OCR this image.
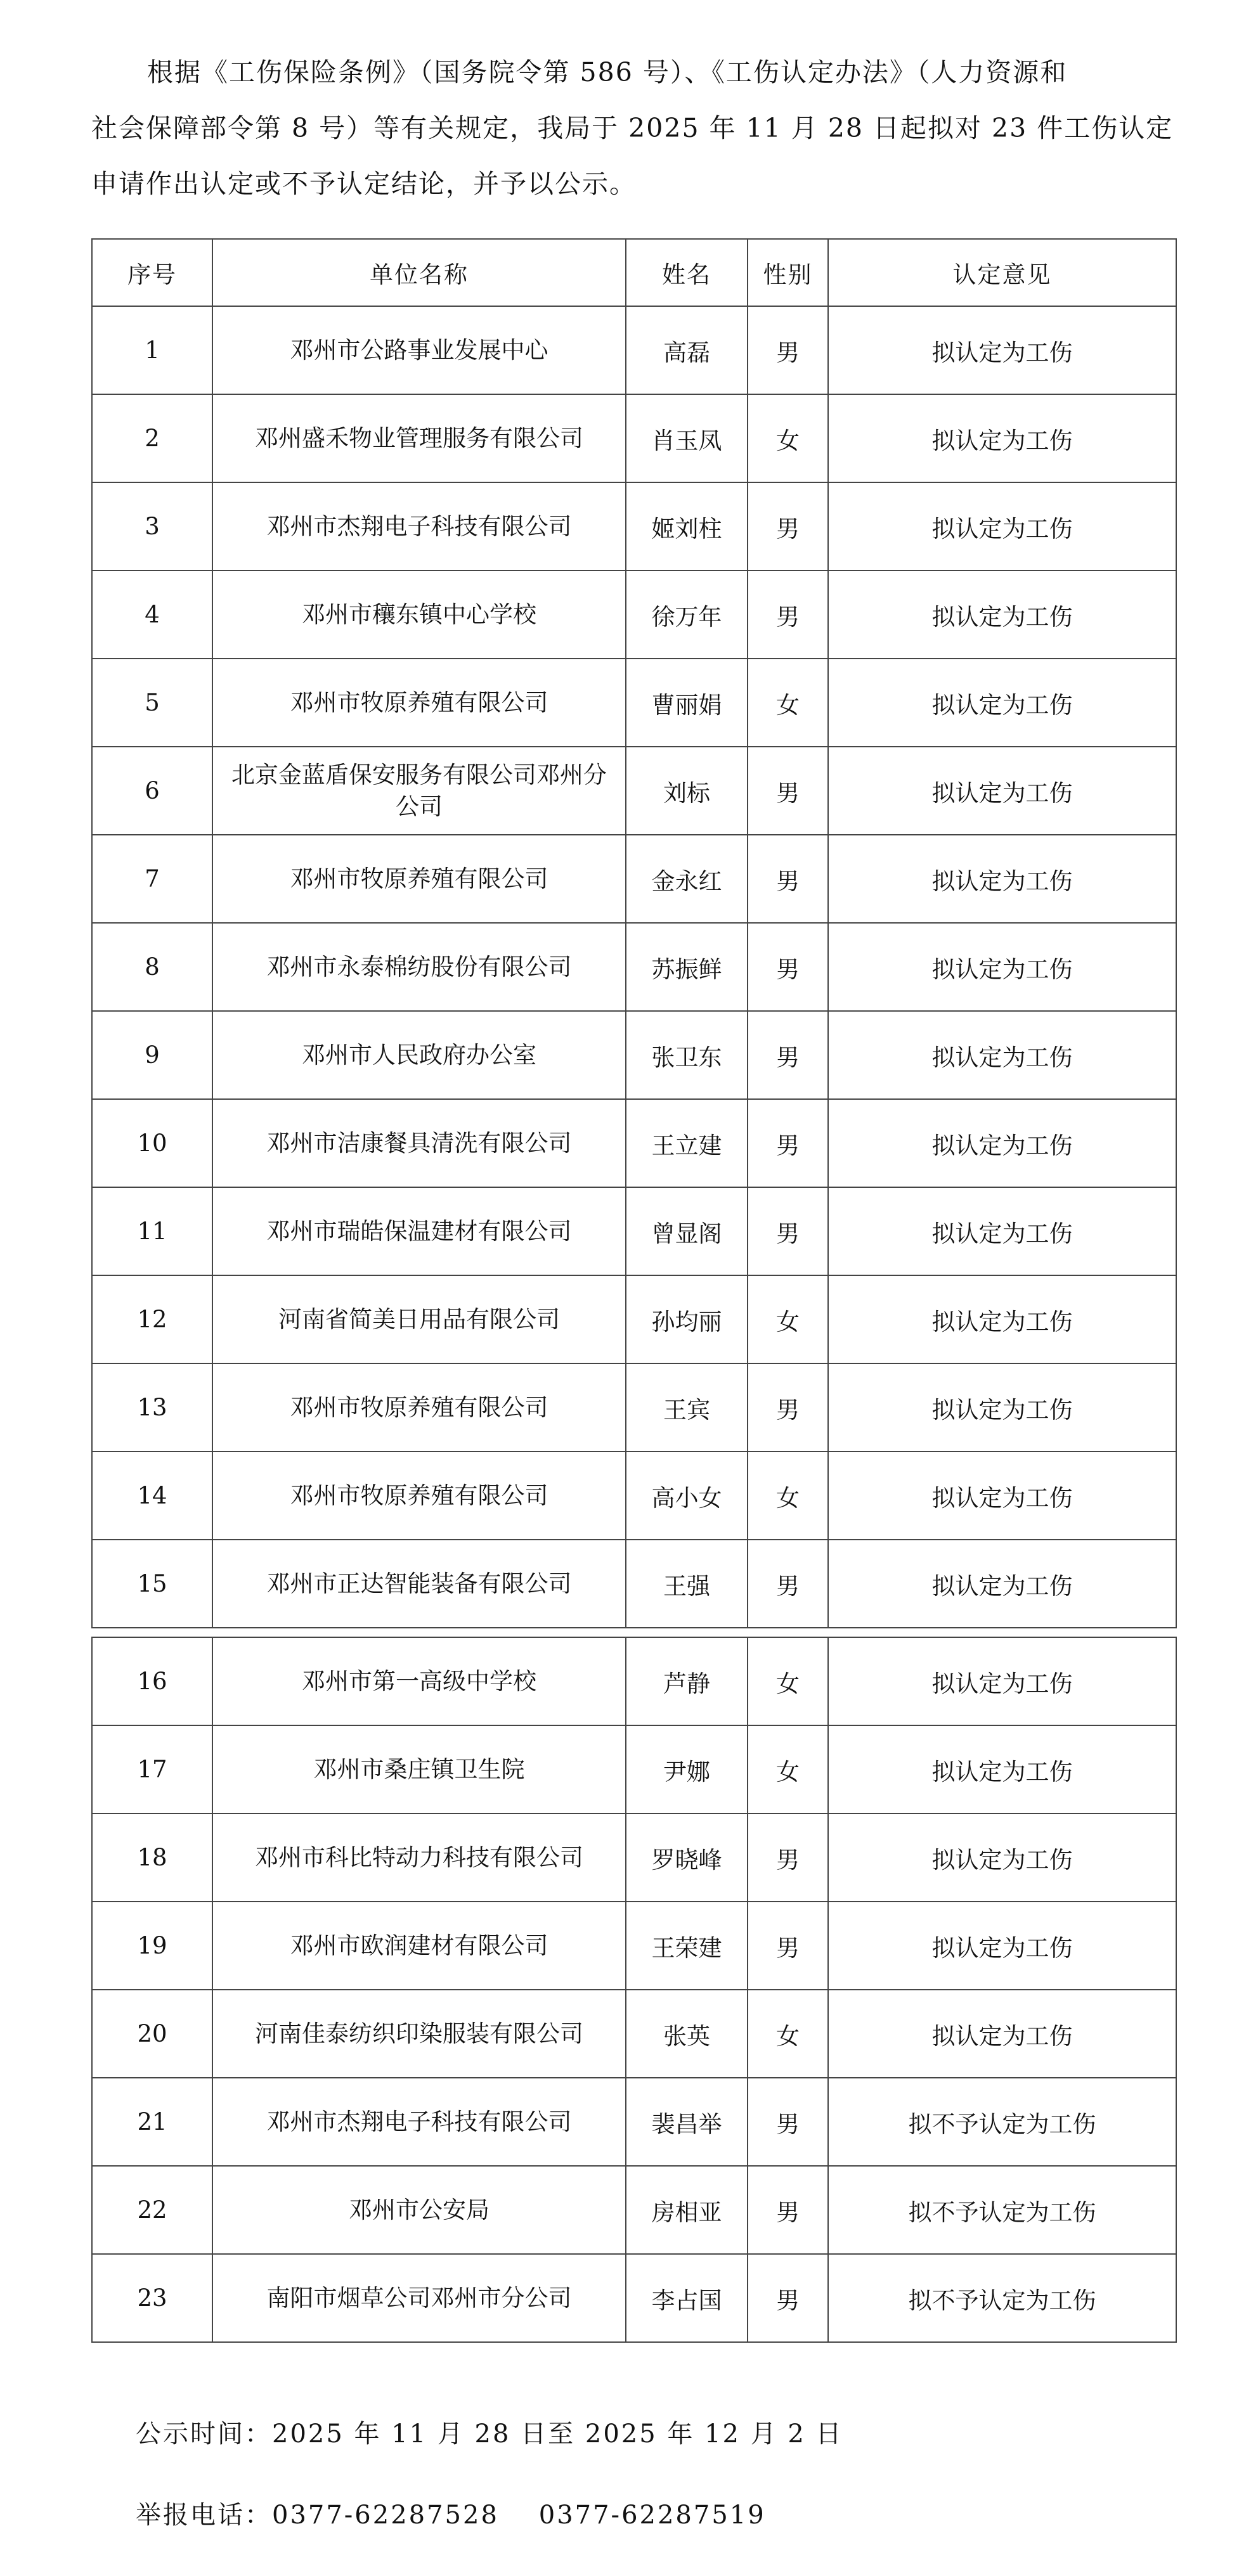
根据《工伤保险条例》（国务院令第 586 号）、《工伤认定办法》（人力资源和
社会保障部令第 8 号）等有关规定，我局于 2025 年 11 月 28 日起拟对 23 件工伤认定
申请作出认定或不予认定结论，并予以公示。

序号	单位名称	姓名	性别	认定意见
1	邓州市公路事业发展中心	高磊	男	拟认定为工伤
2	邓州盛禾物业管理服务有限公司	肖玉凤	女	拟认定为工伤
3	邓州市杰翔电子科技有限公司	姬刘柱	男	拟认定为工伤
4	邓州市穰东镇中心学校	徐万年	男	拟认定为工伤
5	邓州市牧原养殖有限公司	曹丽娟	女	拟认定为工伤
6	北京金蓝盾保安服务有限公司邓州分公司	刘标	男	拟认定为工伤
7	邓州市牧原养殖有限公司	金永红	男	拟认定为工伤
8	邓州市永泰棉纺股份有限公司	苏振鲜	男	拟认定为工伤
9	邓州市人民政府办公室	张卫东	男	拟认定为工伤
10	邓州市洁康餐具清洗有限公司	王立建	男	拟认定为工伤
11	邓州市瑞皓保温建材有限公司	曾显阁	男	拟认定为工伤
12	河南省简美日用品有限公司	孙均丽	女	拟认定为工伤
13	邓州市牧原养殖有限公司	王宾	男	拟认定为工伤
14	邓州市牧原养殖有限公司	高小女	女	拟认定为工伤
15	邓州市正达智能装备有限公司	王强	男	拟认定为工伤
16	邓州市第一高级中学校	芦静	女	拟认定为工伤
17	邓州市桑庄镇卫生院	尹娜	女	拟认定为工伤
18	邓州市科比特动力科技有限公司	罗晓峰	男	拟认定为工伤
19	邓州市欧润建材有限公司	王荣建	男	拟认定为工伤
20	河南佳泰纺织印染服装有限公司	张英	女	拟认定为工伤
21	邓州市杰翔电子科技有限公司	裴昌举	男	拟不予认定为工伤
22	邓州市公安局	房相亚	男	拟不予认定为工伤
23	南阳市烟草公司邓州市分公司	李占国	男	拟不予认定为工伤
公示时间：2025 年 11 月 28 日至 2025 年 12 月 2 日
举报电话：0377-62287528    0377-62287519
